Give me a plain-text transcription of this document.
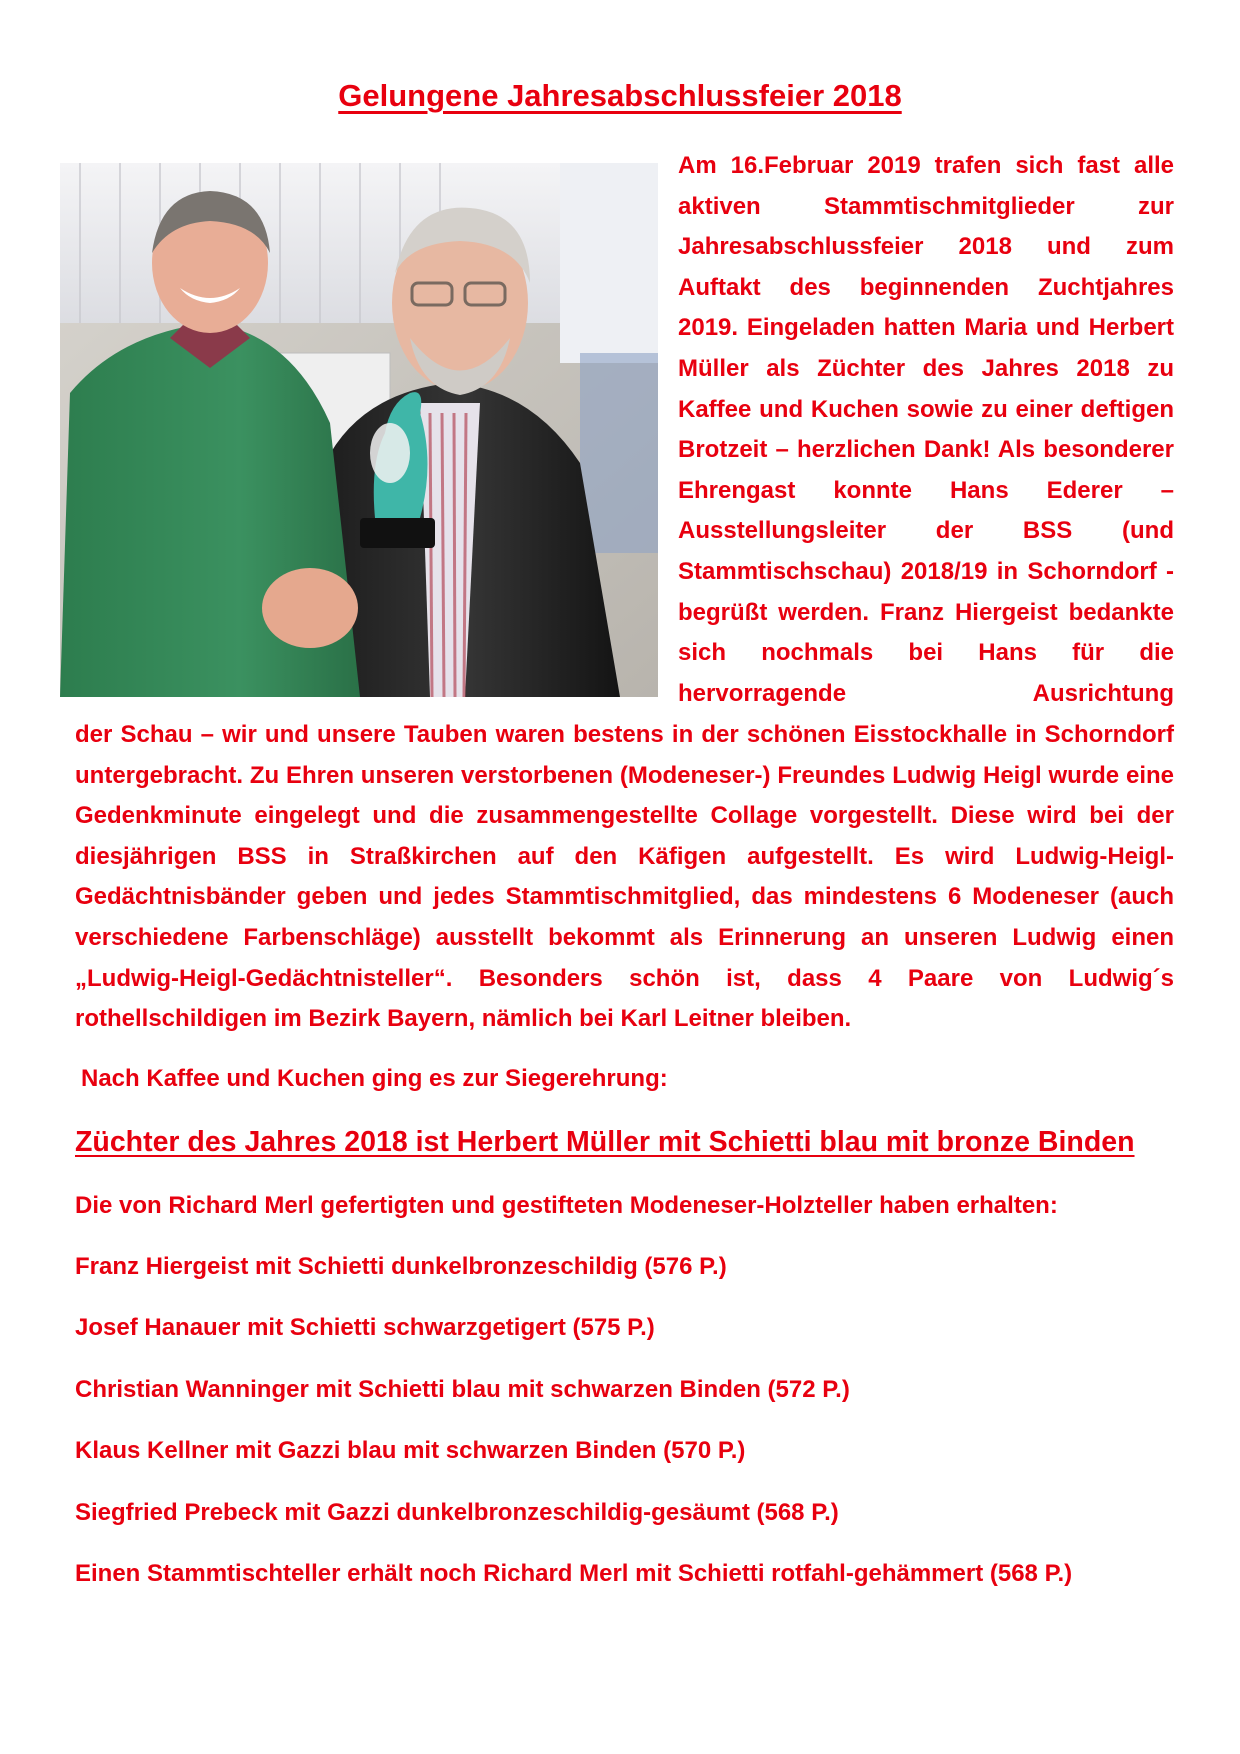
Gelungene Jahresabschlussfeier 2018
Am 16.Februar 2019 trafen sich fast alle aktiven Stammtischmitglieder zur Jahresabschlussfeier 2018 und zum Auftakt des beginnenden Zuchtjahres 2019. Eingeladen hatten Maria und Herbert Müller als Züchter des Jahres 2018 zu Kaffee und Kuchen sowie zu einer deftigen Brotzeit – herzlichen Dank! Als besonderer Ehrengast konnte Hans Ederer – Ausstellungsleiter der BSS (und Stammtischschau) 2018/19 in Schorndorf - begrüßt werden. Franz Hiergeist bedankte sich nochmals bei Hans für die hervorragende Ausrichtung
der Schau – wir und unsere Tauben waren bestens in der schönen Eisstockhalle in Schorndorf untergebracht. Zu Ehren unseren verstorbenen (Modeneser-) Freundes Ludwig Heigl wurde eine Gedenkminute eingelegt und die zusammengestellte Collage vorgestellt. Diese wird bei der diesjährigen BSS in Straßkirchen auf den Käfigen aufgestellt. Es wird Ludwig-Heigl-Gedächtnisbänder geben und jedes Stammtischmitglied, das mindestens 6 Modeneser (auch verschiedene Farbenschläge) ausstellt bekommt als Erinnerung an unseren Ludwig einen „Ludwig-Heigl-Gedächtnisteller“. Besonders schön ist, dass 4 Paare von Ludwig´s rothellschildigen im Bezirk Bayern, nämlich bei Karl Leitner bleiben.
Nach Kaffee und Kuchen ging es zur Siegerehrung:
Züchter des Jahres 2018 ist Herbert Müller mit Schietti blau mit bronze Binden
Die von Richard Merl gefertigten und gestifteten Modeneser-Holzteller haben erhalten:
Franz Hiergeist mit Schietti dunkelbronzeschildig (576 P.)
Josef Hanauer mit Schietti schwarzgetigert (575 P.)
Christian Wanninger mit Schietti blau mit schwarzen Binden (572 P.)
Klaus Kellner mit Gazzi blau mit schwarzen Binden (570 P.)
Siegfried Prebeck mit Gazzi dunkelbronzeschildig-gesäumt (568 P.)
Einen Stammtischteller erhält noch Richard Merl mit Schietti rotfahl-gehämmert (568 P.)
